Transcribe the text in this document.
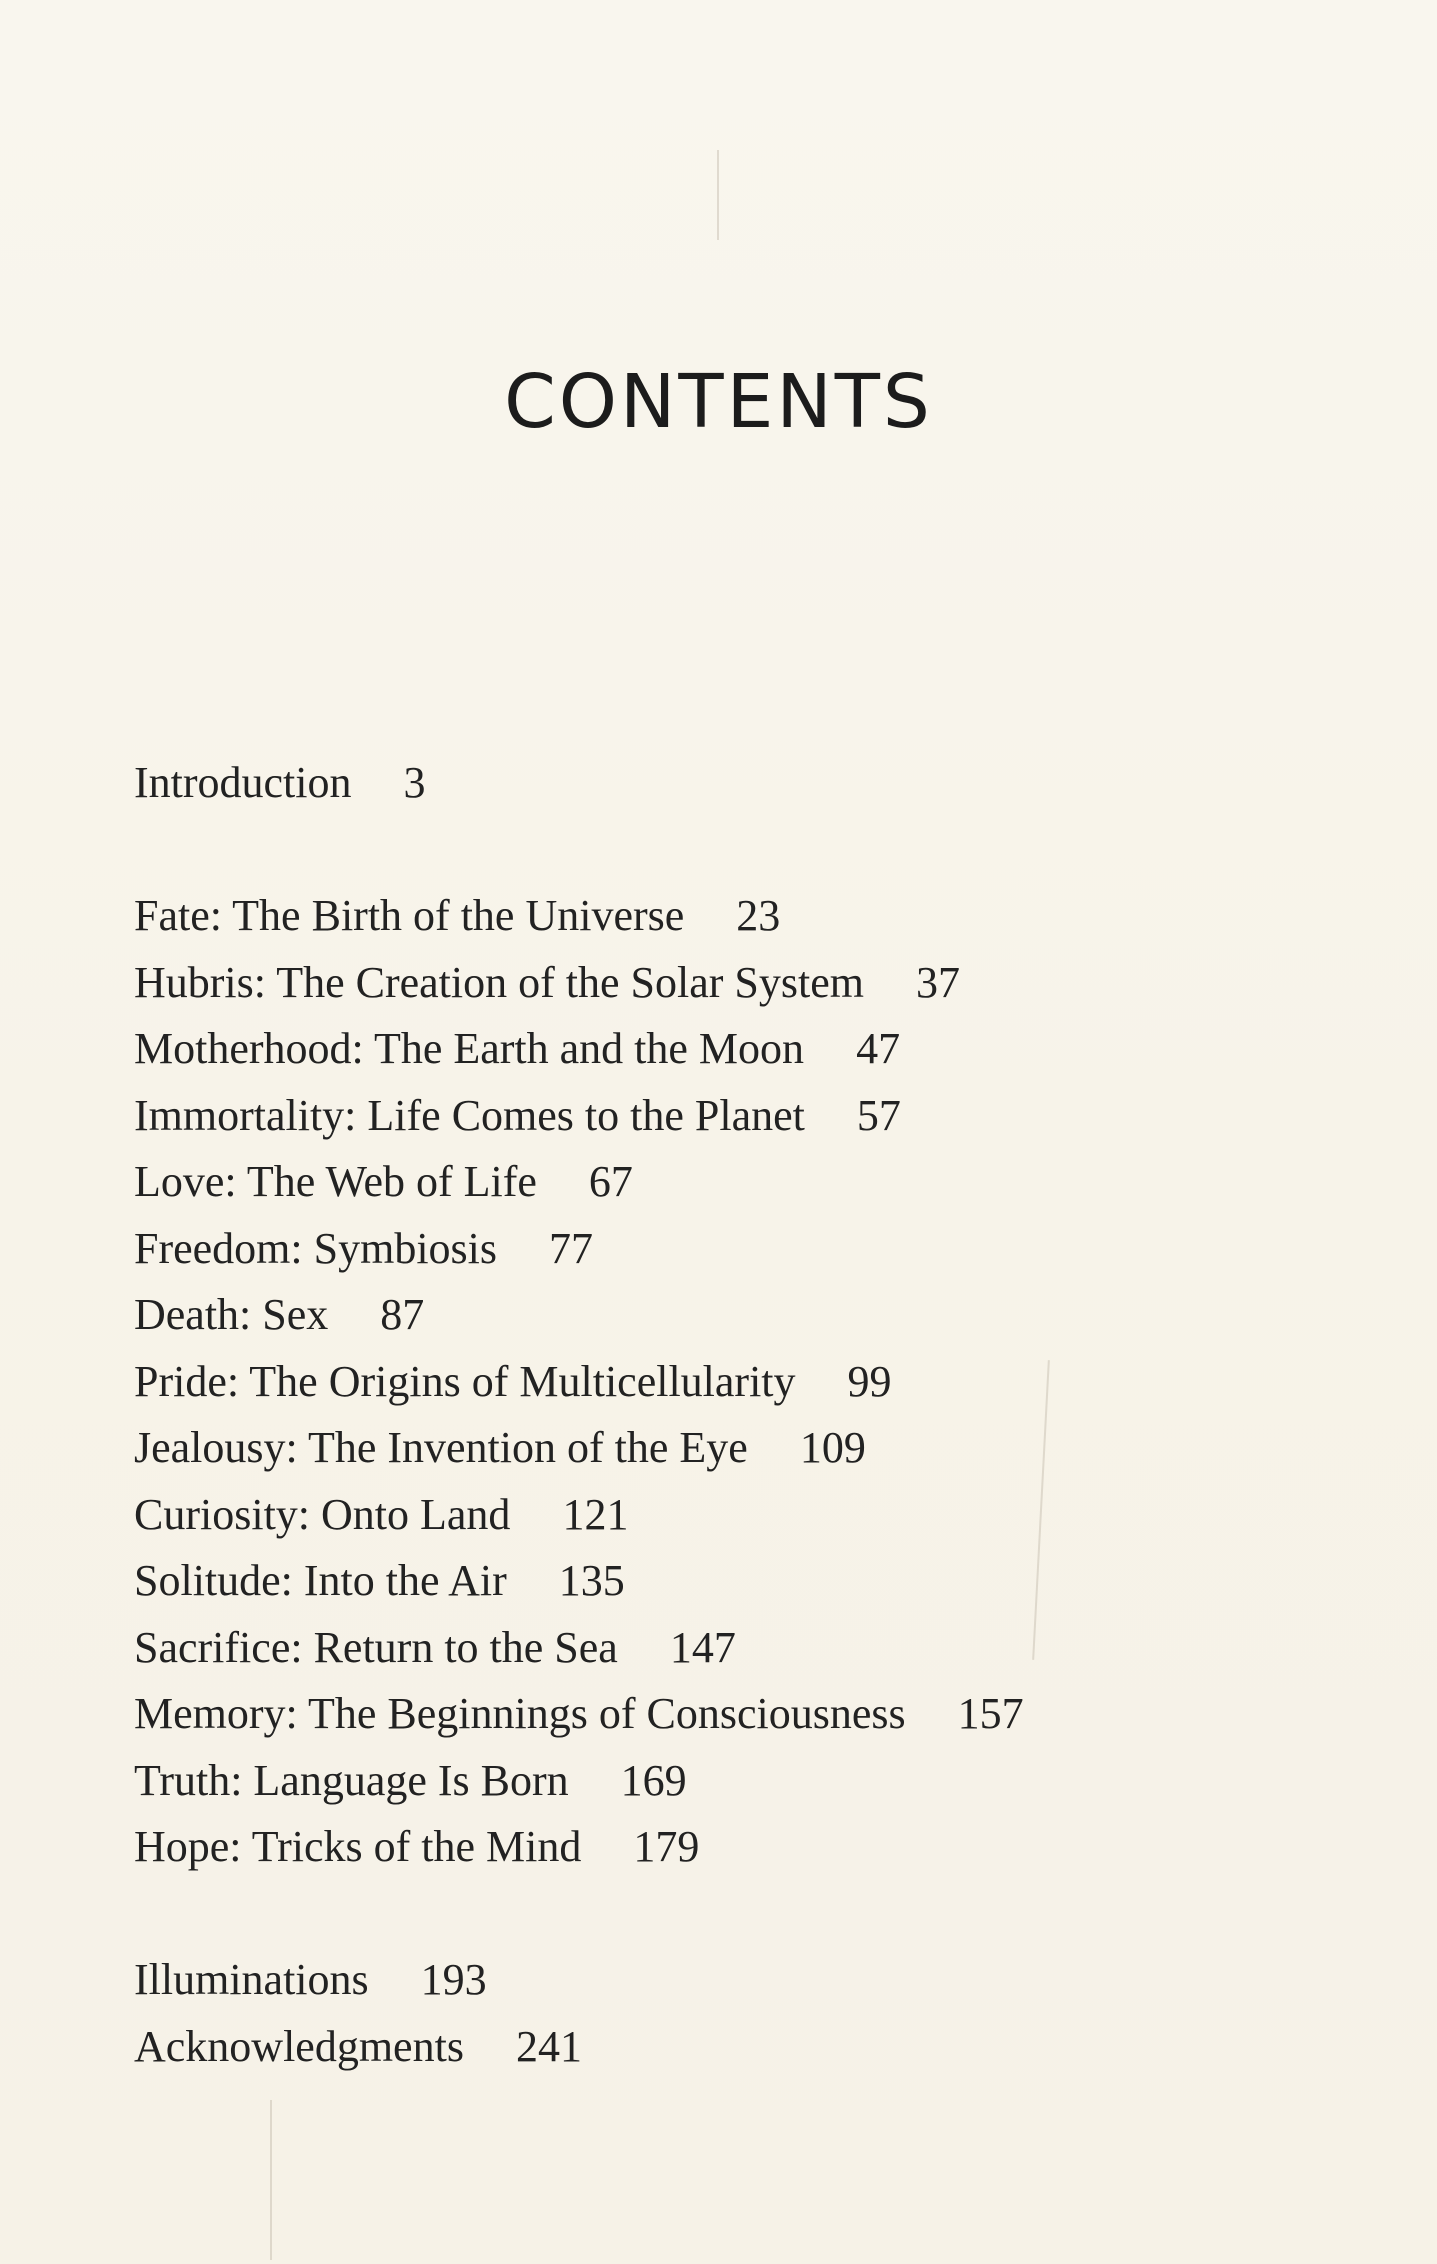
CONTENTS
Introduction 3
Fate: The Birth of the Universe 23
Hubris: The Creation of the Solar System 37
Motherhood: The Earth and the Moon 47
Immortality: Life Comes to the Planet 57
Love: The Web of Life 67
Freedom: Symbiosis 77
Death: Sex 87
Pride: The Origins of Multicellularity 99
Jealousy: The Invention of the Eye 109
Curiosity: Onto Land 121
Solitude: Into the Air 135
Sacrifice: Return to the Sea 147
Memory: The Beginnings of Consciousness 157
Truth: Language Is Born 169
Hope: Tricks of the Mind 179
Illuminations 193
Acknowledgments 241
